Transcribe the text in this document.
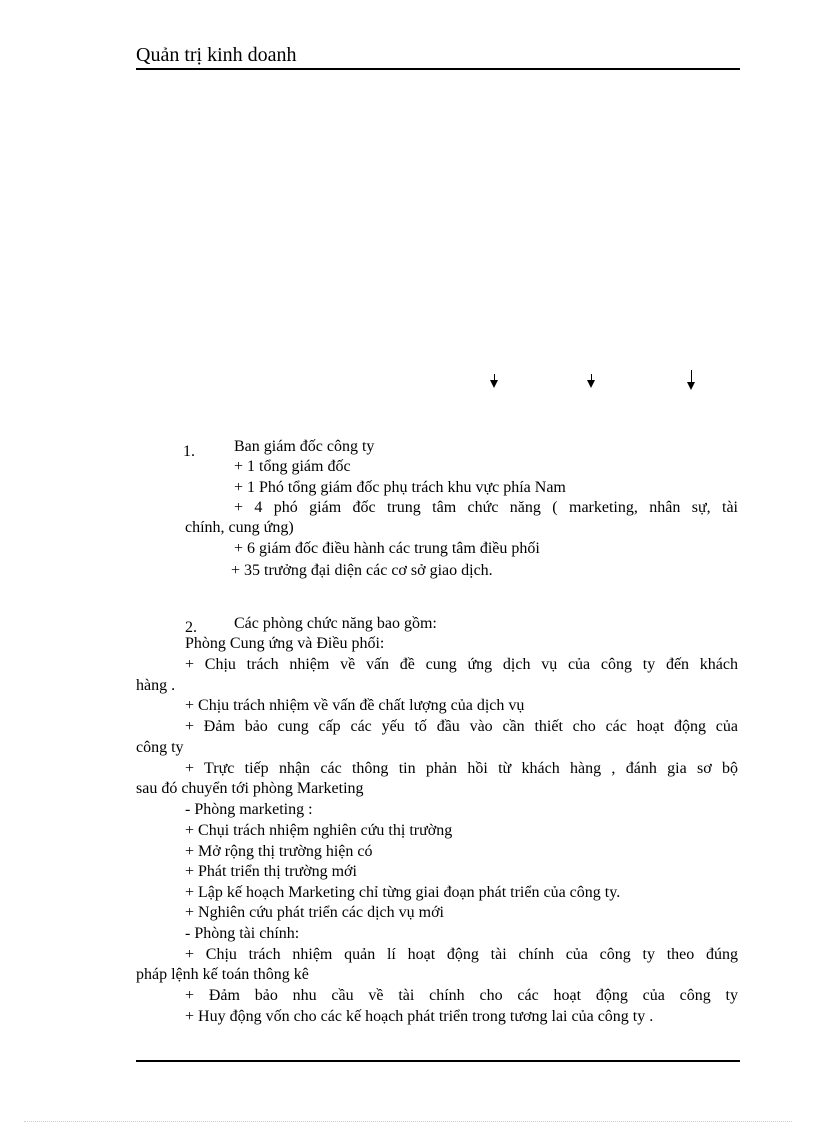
Quản trị kinh doanh
1. Ban giám đốc công ty
+ 1 tổng giám đốc
+ 1 Phó tổng giám đốc phụ trách khu vực phía Nam
+ 4 phó giám đốc trung tâm chức năng ( marketing, nhân sự, tài
chính, cung ứng)
+ 6 giám đốc điều hành các trung tâm điều phối
+ 35 trưởng đại diện các cơ sở giao dịch.
2. Các phòng chức năng bao gồm:
Phòng Cung ứng và Điều phối:
+ Chịu trách nhiệm về vấn đề cung ứng dịch vụ của công ty đến khách
hàng .
+ Chịu trách nhiệm về vấn đề chất lượng của dịch vụ
+ Đảm bảo cung cấp các yếu tố đầu vào cần thiết cho các hoạt động của
công ty
+ Trực tiếp nhận các thông tin phản hồi từ khách hàng , đánh gia sơ bộ
sau đó chuyển tới phòng Marketing
- Phòng marketing :
+ Chụi trách nhiệm nghiên cứu thị trường
+ Mở rộng thị trường hiện có
+ Phát triển thị trường mới
+ Lập kế hoạch Marketing chỉ từng giai đoạn phát triển của công ty.
+ Nghiên cứu phát triển các dịch vụ mới
- Phòng tài chính:
+ Chịu trách nhiệm quản lí hoạt động tài chính của công ty theo đúng
pháp lệnh kế toán thông kê
+ Đảm bảo nhu cầu về tài chính cho các hoạt động của công ty
+ Huy động vốn cho các kế hoạch phát triển trong tương lai của công ty .
